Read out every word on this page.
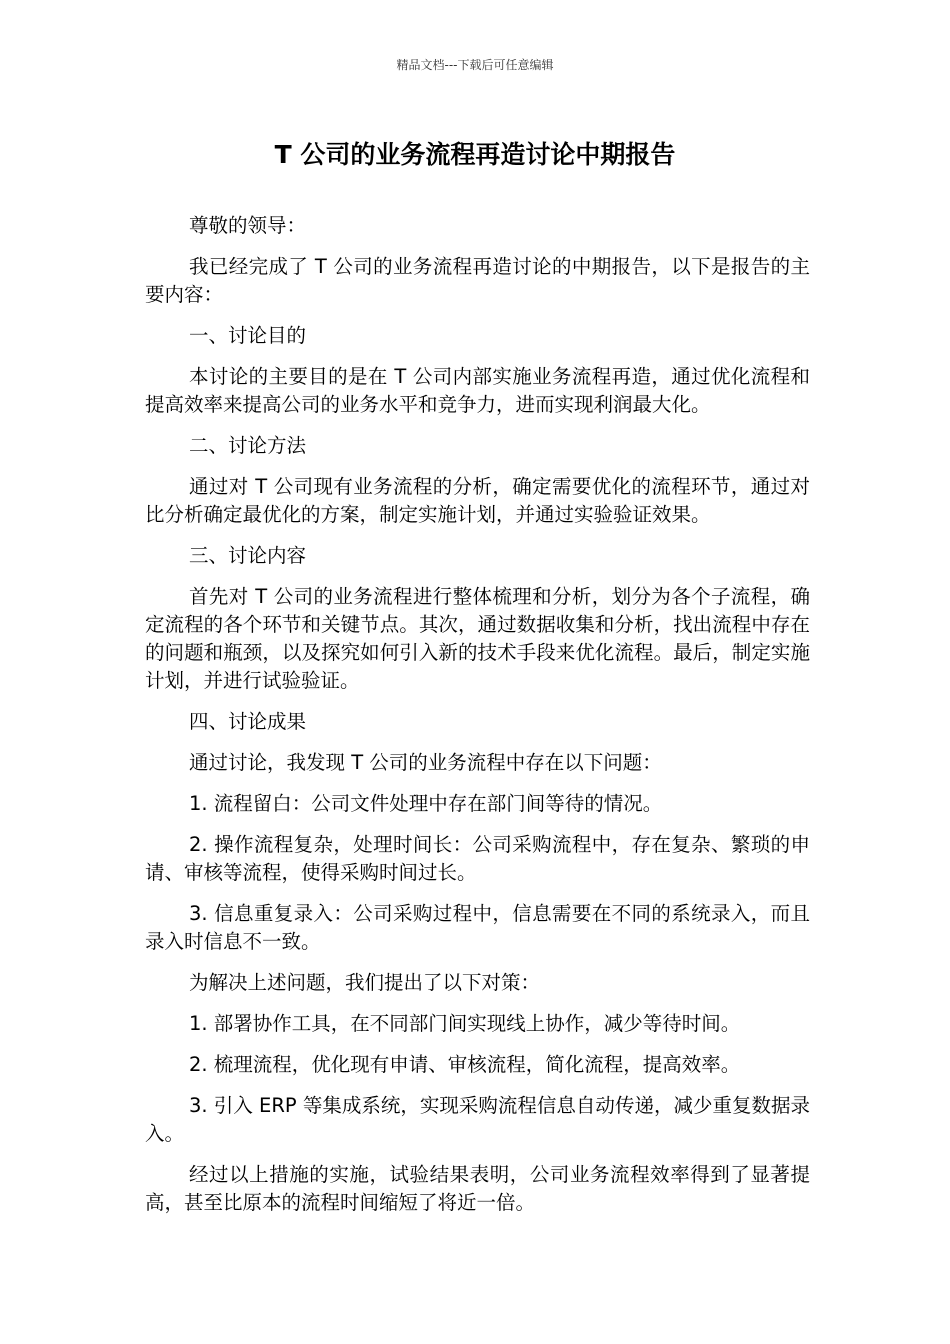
精品文档---下载后可任意编辑
T 公司的业务流程再造讨论中期报告

尊敬的领导：

我已经完成了 T 公司的业务流程再造讨论的中期报告，以下是报告的主要内容：

一、讨论目的

本讨论的主要目的是在 T 公司内部实施业务流程再造，通过优化流程和提高效率来提高公司的业务水平和竞争力，进而实现利润最大化。

二、讨论方法

通过对 T 公司现有业务流程的分析，确定需要优化的流程环节，通过对比分析确定最优化的方案，制定实施计划，并通过实验验证效果。

三、讨论内容

首先对 T 公司的业务流程进行整体梳理和分析，划分为各个子流程，确定流程的各个环节和关键节点。其次，通过数据收集和分析，找出流程中存在的问题和瓶颈，以及探究如何引入新的技术手段来优化流程。最后，制定实施计划，并进行试验验证。

四、讨论成果

通过讨论，我发现 T 公司的业务流程中存在以下问题：

1. 流程留白：公司文件处理中存在部门间等待的情况。

2. 操作流程复杂，处理时间长：公司采购流程中，存在复杂、繁琐的申请、审核等流程，使得采购时间过长。

3. 信息重复录入：公司采购过程中，信息需要在不同的系统录入，而且录入时信息不一致。

为解决上述问题，我们提出了以下对策：

1. 部署协作工具，在不同部门间实现线上协作，减少等待时间。

2. 梳理流程，优化现有申请、审核流程，简化流程，提高效率。

3. 引入 ERP 等集成系统，实现采购流程信息自动传递，减少重复数据录入。

经过以上措施的实施，试验结果表明，公司业务流程效率得到了显著提高，甚至比原本的流程时间缩短了将近一倍。
